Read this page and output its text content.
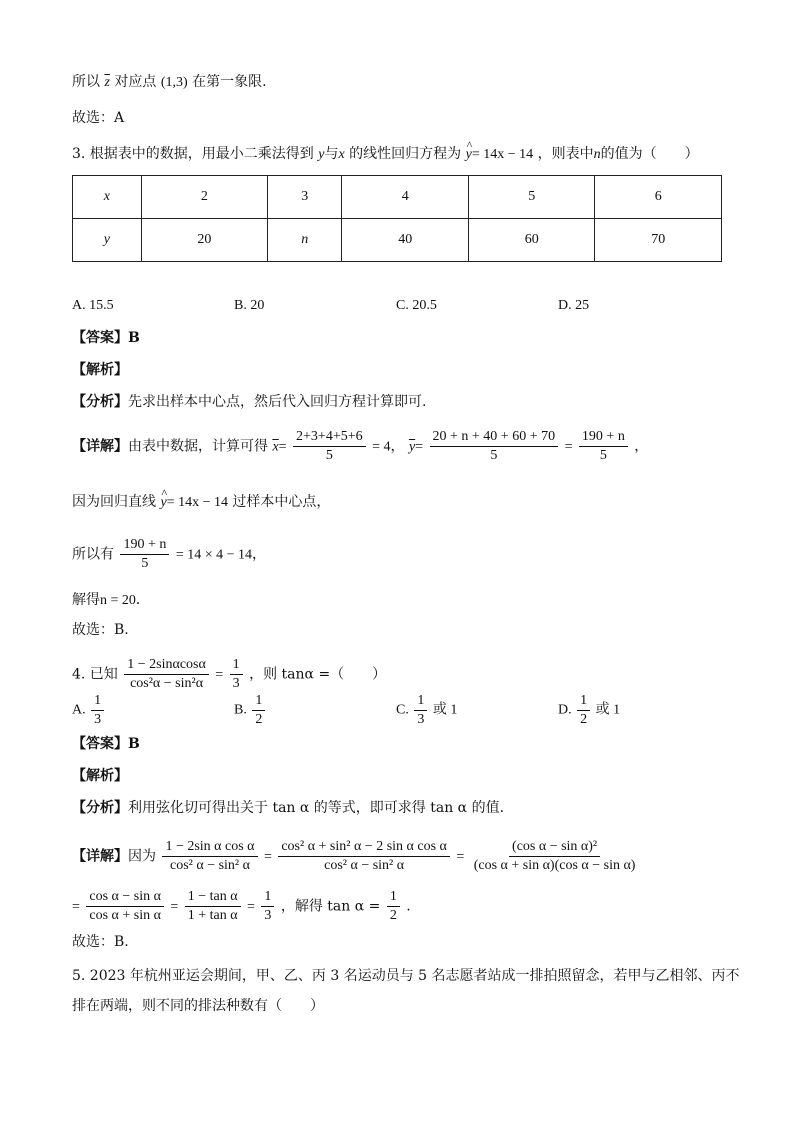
所以 $\overline{z}$ 对应点 (1,3) 在第一象限.
故选：A
3. 根据表中的数据，用最小二乘法得到 y与x 的线性回归方程为 y ^= 14x − 14 ，则表中n的值为（　　）
x	2	3	4	5	6
y	20	n	40	60	70
A. 15.5	B. 20	C. 20.5	D. 25
【答案】B
【解析】
【分析】先求出样本中心点，然后代入回归方程计算即可.
【详解】由表中数据，计算可得 $\overline{x}= \frac{2+3+4+5+6}{5} = 4$， $\overline{y}= \frac{20 + n + 40 + 60 + 70}{5} = \frac{190 + n}{5}$ ，
因为回归直线 y ^= 14x − 14 过样本中心点，
所以有 $\frac{190 + n}{5} = 14 \times 4 - 14$，
解得n = 20．
故选：B.
4. 已知 $\frac{1 - 2\sin\alpha\cos\alpha}{\text{cos²α − sin²α}} = \frac{1}{3}$ ，则 tanα =（　　）
A. $\frac{1}{3}$	B. $\frac{1}{2}$	C. $\frac{1}{3}$ 或 1	D. $\frac{1}{2}$ 或 1
【答案】B
【解析】
【分析】利用弦化切可得出关于 tan α 的等式，即可求得 tan α 的值.
【详解】因为 $\frac{\text{1 − 2sin α cos α}}{\text{cos² α − sin² α}} = \frac{\text{cos² α + sin² α − 2 sin α cos α}}{\text{cos² α − sin² α}} = \frac{\text{(cos α − sin α)²}}{\text{(cos α + sin α)(cos α − sin α)}}$
= $\frac{\text{cos α − sin α}}{\text{cos α + sin α}} = \frac{\text{1 − tan α}}{\text{1 + tan α}} = \frac{1}{3}$ ，解得 $\tan \alpha = \frac{1}{2}$ .
故选：B.
5. 2023 年杭州亚运会期间，甲、乙、丙 3 名运动员与 5 名志愿者站成一排拍照留念，若甲与乙相邻、丙不
排在两端，则不同的排法种数有（　　）
